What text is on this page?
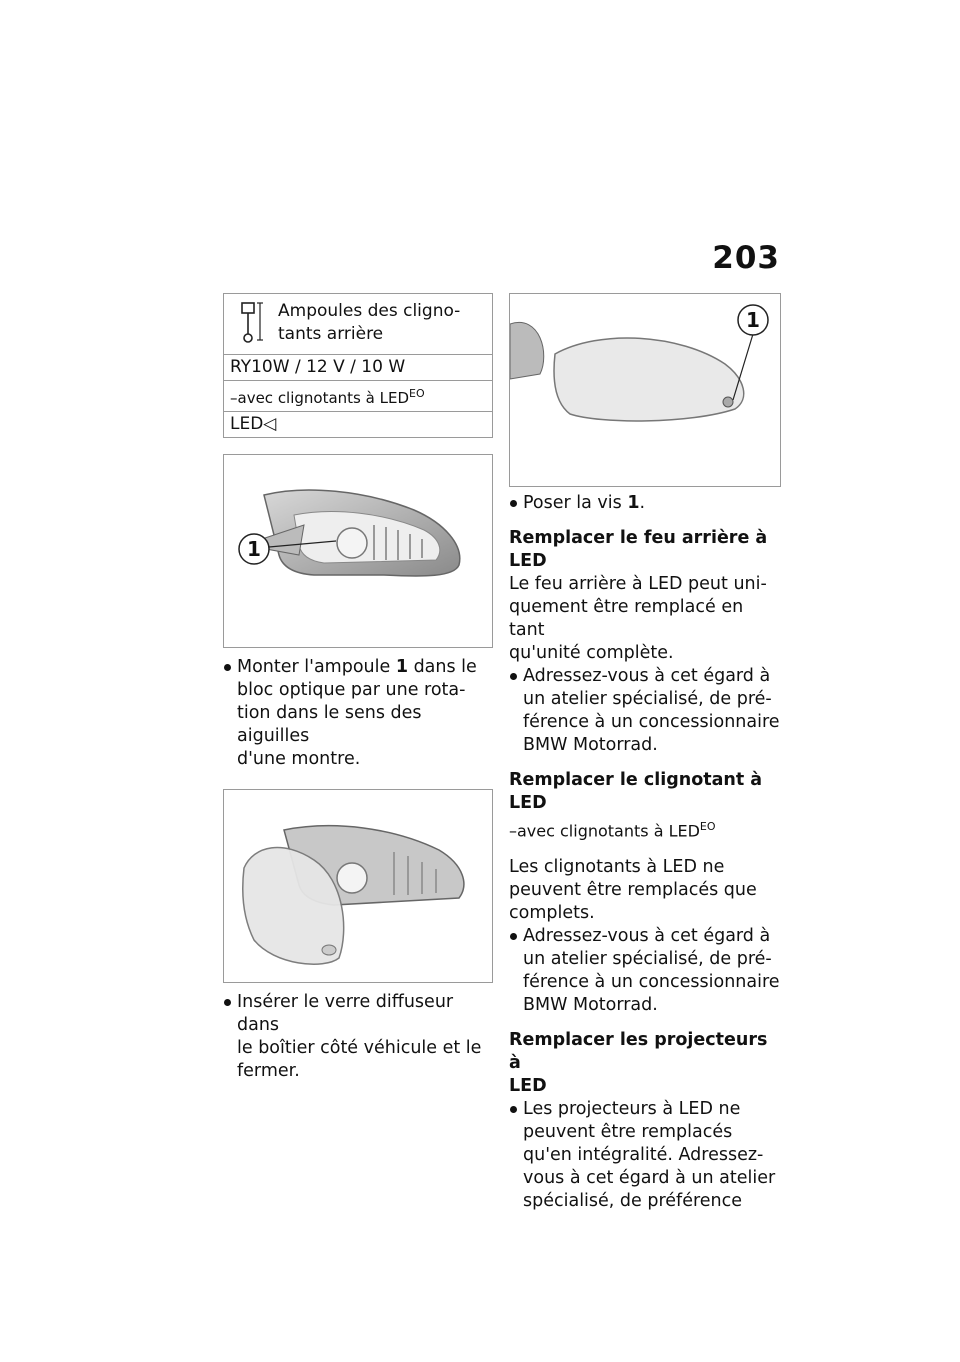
203
Ampoules des cligno-
tants arrière
RY10W / 12 V / 10 W
–avec clignotants à $LED^{EO}$
LED◁
1
Monter l'ampoule 1 dans le
bloc optique par une rota-
tion dans le sens des aiguilles
d'une montre.
Insérer le verre diffuseur dans
le boîtier côté véhicule et le
fermer.
1
Poser la vis 1.
Remplacer le feu arrière à
LED
Le feu arrière à LED peut uni-
quement être remplacé en tant
qu'unité complète.
Adressez-vous à cet égard à
un atelier spécialisé, de pré-
férence à un concessionnaire
BMW Motorrad.
Remplacer le clignotant à LED
–avec clignotants à $LED^{EO}$
Les clignotants à LED ne
peuvent être remplacés que
complets.
Adressez-vous à cet égard à
un atelier spécialisé, de pré-
férence à un concessionnaire
BMW Motorrad.
Remplacer les projecteurs à
LED
Les projecteurs à LED ne
peuvent être remplacés
qu'en intégralité. Adressez-
vous à cet égard à un atelier
spécialisé, de préférence
